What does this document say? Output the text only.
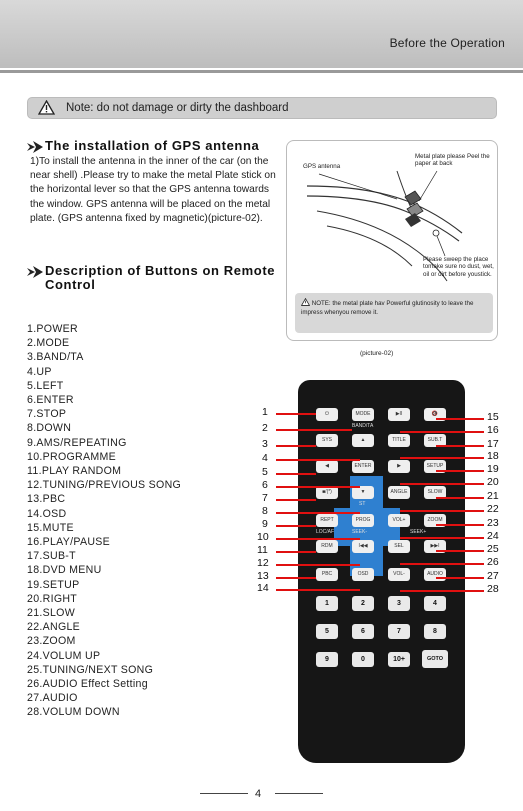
Before the Operation
Note: do not damage or dirty the dashboard
The installation of GPS antenna

1)To install the antenna in the inner of the car (on the near shell) .Please try to make the metal Plate stick on the horizontal lever so that the GPS antenna towards the window. GPS antenna will be placed on the metal plate. (GPS antenna fixed by magnetic)(picture-02).

GPS antenna
Metal plate please Peel the paper at back
Please sweep the place tomake sure no dust, wet, oil or dirt before youstick.
NOTE: the metal plate hav Powerful glutinosity to leave the impress whenyou remove it.
(picture-02)
Description of Buttons on Remote Control
1.POWER
2.MODE
3.BAND/TA
4.UP
5.LEFT
6.ENTER
7.STOP
8.DOWN
9.AMS/REPEATING
10.PROGRAMME
11.PLAY RANDOM
12.TUNING/PREVIOUS SONG
13.PBC
14.OSD
15.MUTE
16.PLAY/PAUSE
17.SUB-T
18.DVD MENU
19.SETUP
20.RIGHT
21.SLOW
22.ANGLE
23.ZOOM
24.VOLUM UP
25.TUNING/NEXT SONG
26.AUDIO Effect Setting
27.AUDIO
28.VOLUM DOWN
⏻	MODE	▶II	🔇
BAND/TA
SYS	▲	TITLE	SUB.T
◀	ENTER	▶	SETUP
■/(*)	▼	ANGLE	SLOW
ST
REPT	PROG	VOL+	ZOOM
LOC/AF	SEEK-	SEEK+
RDM	I◀◀	SEL	▶▶I
PBC	OSD	VOL-	AUDIO
1	2	3	4
5	6	7	8
9	0	10+	GOTO
1
2
3
4
5
6
7
8
9
10
11
12
13
14
15
16
17
18
19
20
21
22
23
24
25
26
27
28
4
